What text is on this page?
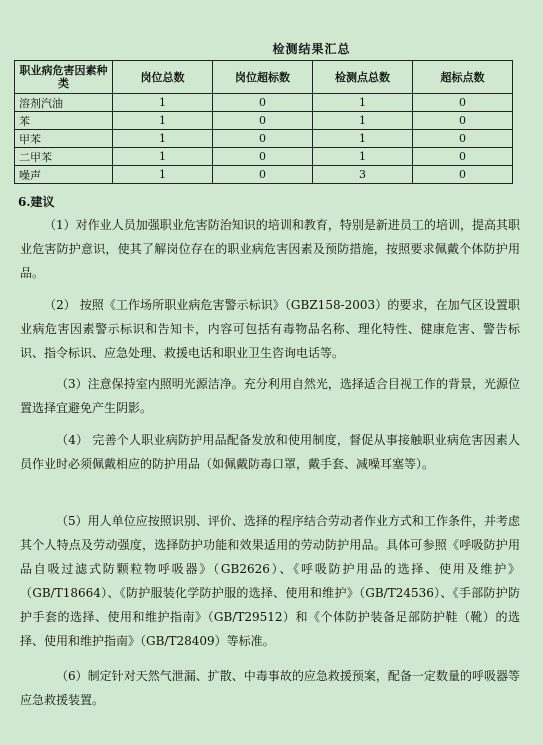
检测结果汇总
职业病危害因素种类	岗位总数	岗位超标数	检测点总数	超标点数
溶剂汽油	1	0	1	0
苯	1	0	1	0
甲苯	1	0	1	0
二甲苯	1	0	1	0
噪声	1	0	3	0
6.建议
（1）对作业人员加强职业危害防治知识的培训和教育，特别是新进员工的培训，提高其职业危害防护意识，使其了解岗位存在的职业病危害因素及预防措施，按照要求佩戴个体防护用品。
（2） 按照《工作场所职业病危害警示标识》（GBZ158-2003）的要求，在加气区设置职业病危害因素警示标识和告知卡，内容可包括有毒物品名称、理化特性、健康危害、警告标识、指令标识、应急处理、救援电话和职业卫生咨询电话等。
（3）注意保持室内照明光源洁净。充分利用自然光，选择适合目视工作的背景，光源位置选择宜避免产生阴影。
（4） 完善个人职业病防护用品配备发放和使用制度，督促从事接触职业病危害因素人员作业时必须佩戴相应的防护用品（如佩戴防毒口罩，戴手套、减噪耳塞等）。
（5）用人单位应按照识别、评价、选择的程序结合劳动者作业方式和工作条件，并考虑其个人特点及劳动强度，选择防护功能和效果适用的劳动防护用品。具体可参照《呼吸防护用品自吸过滤式防颗粒物呼吸器》（GB2626）、《呼吸防护用品的选择、使用及维护》（GB/T18664）、《防护服装化学防护服的选择、使用和维护》（GB/T24536）、《手部防护防护手套的选择、使用和维护指南》（GB/T29512）和《个体防护装备足部防护鞋（靴）的选择、使用和维护指南》（GB/T28409）等标准。
（6）制定针对天然气泄漏、扩散、中毒事故的应急救援预案，配备一定数量的呼吸器等应急救援装置。
